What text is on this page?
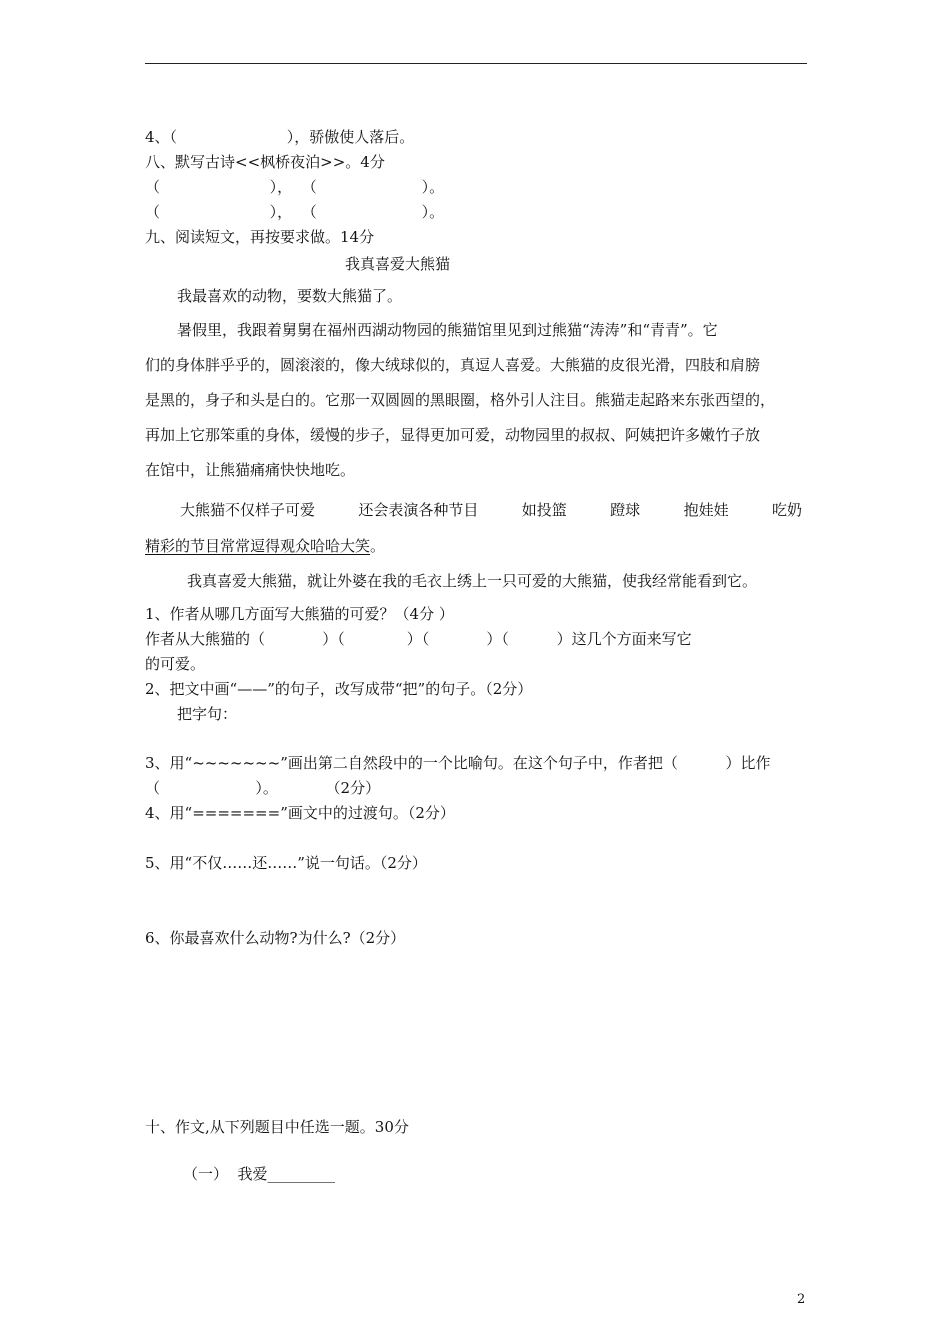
4、（                       ），骄傲使人落后。
八、默写古诗<<枫桥夜泊>>。4分
（                       ），  （                      ）。
（                       ），  （                      ）。
九、阅读短文，再按要求做。14分
我真喜爱大熊猫
我最喜欢的动物，要数大熊猫了。
暑假里，我跟着舅舅在福州西湖动物园的熊猫馆里见到过熊猫“涛涛”和“青青”。它
们的身体胖乎乎的，圆滚滚的，像大绒球似的，真逗人喜爱。大熊猫的皮很光滑，四肢和肩膀
是黑的，身子和头是白的。它那一双圆圆的黑眼圈，格外引人注目。熊猫走起路来东张西望的，
再加上它那笨重的身体，缓慢的步子，显得更加可爱，动物园里的叔叔、阿姨把许多嫩竹子放
在馆中，让熊猫痛痛快快地吃。
大熊猫不仅样子可爱	还会表演各种节目	如投篮	蹬球	抱娃娃	吃奶
精彩的节目常常逗得观众哈哈大笑。
我真喜爱大熊猫，就让外婆在我的毛衣上绣上一只可爱的大熊猫，使我经常能看到它。
1、作者从哪几方面写大熊猫的可爱？（4分 ）
作者从大熊猫的（            ）（             ）（            ）（          ）这几个方面来写它
的可爱。
2、把文中画“——”的句子，改写成带“把”的句子。（2分）
把字句：
3、用“~~~~~~~”画出第二自然段中的一个比喻句。在这个句子中，作者把（          ）比作
（                    ）。          （2分）
4、用“=======”画文中的过渡句。（2分）
5、用“不仅……还……”说一句话。（2分）
6、你最喜欢什么动物?为什么?（2分）
十、作文,从下列题目中任选一题。30分
（一）  我爱_________
2
